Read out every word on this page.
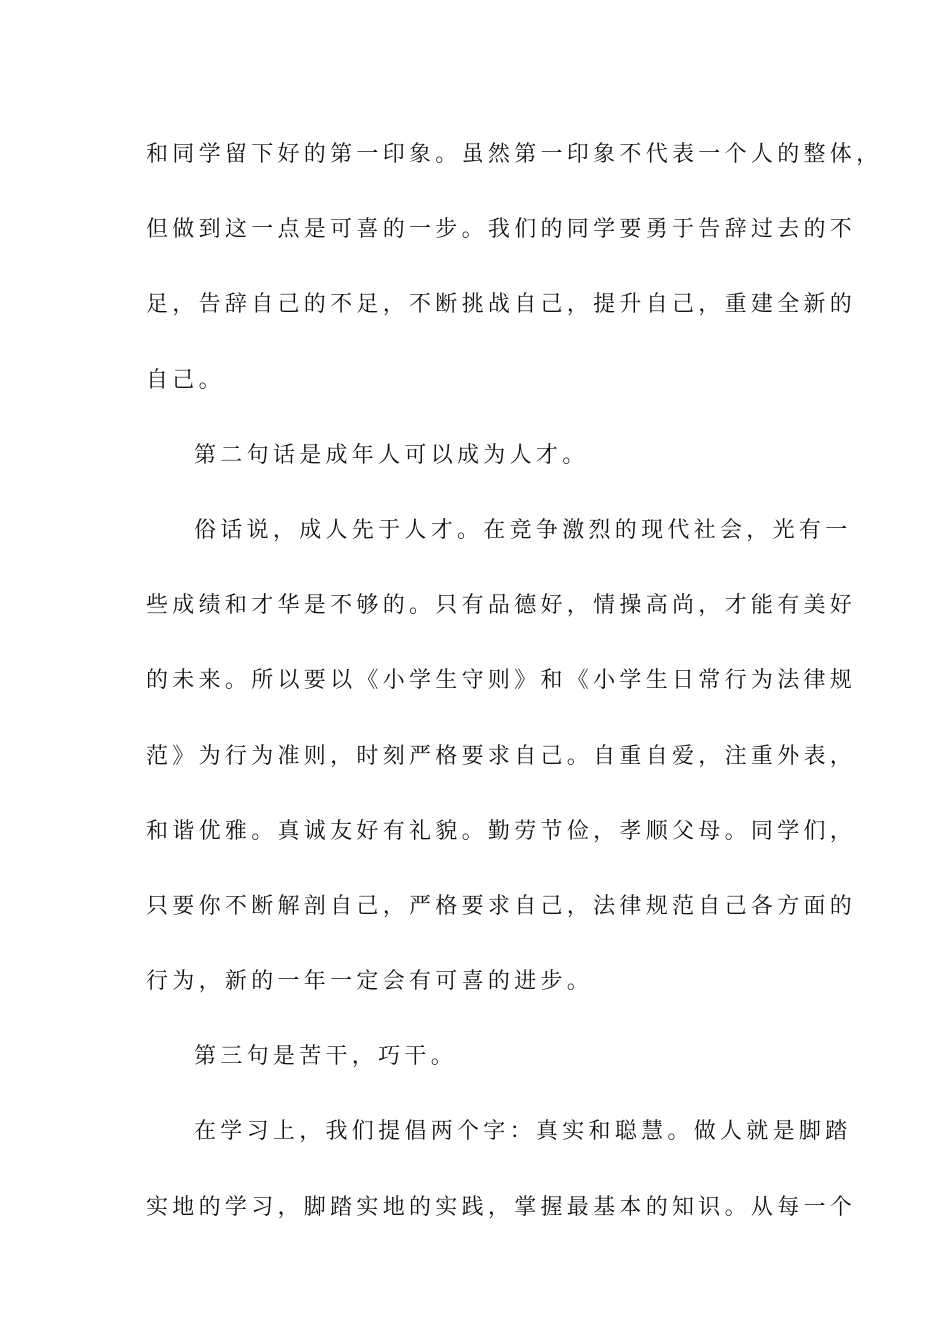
和同学留下好的第一印象。虽然第一印象不代表一个人的整体，
但做到这一点是可喜的一步。我们的同学要勇于告辞过去的不
足，告辞自己的不足，不断挑战自己，提升自己，重建全新的
自己。
第二句话是成年人可以成为人才。
俗话说，成人先于人才。在竞争激烈的现代社会，光有一
些成绩和才华是不够的。只有品德好，情操高尚，才能有美好
的未来。所以要以《小学生守则》和《小学生日常行为法律规
范》为行为准则，时刻严格要求自己。自重自爱，注重外表，
和谐优雅。真诚友好有礼貌。勤劳节俭，孝顺父母。同学们，
只要你不断解剖自己，严格要求自己，法律规范自己各方面的
行为，新的一年一定会有可喜的进步。
第三句是苦干，巧干。
在学习上，我们提倡两个字：真实和聪慧。做人就是脚踏
实地的学习，脚踏实地的实践，掌握最基本的知识。从每一个
